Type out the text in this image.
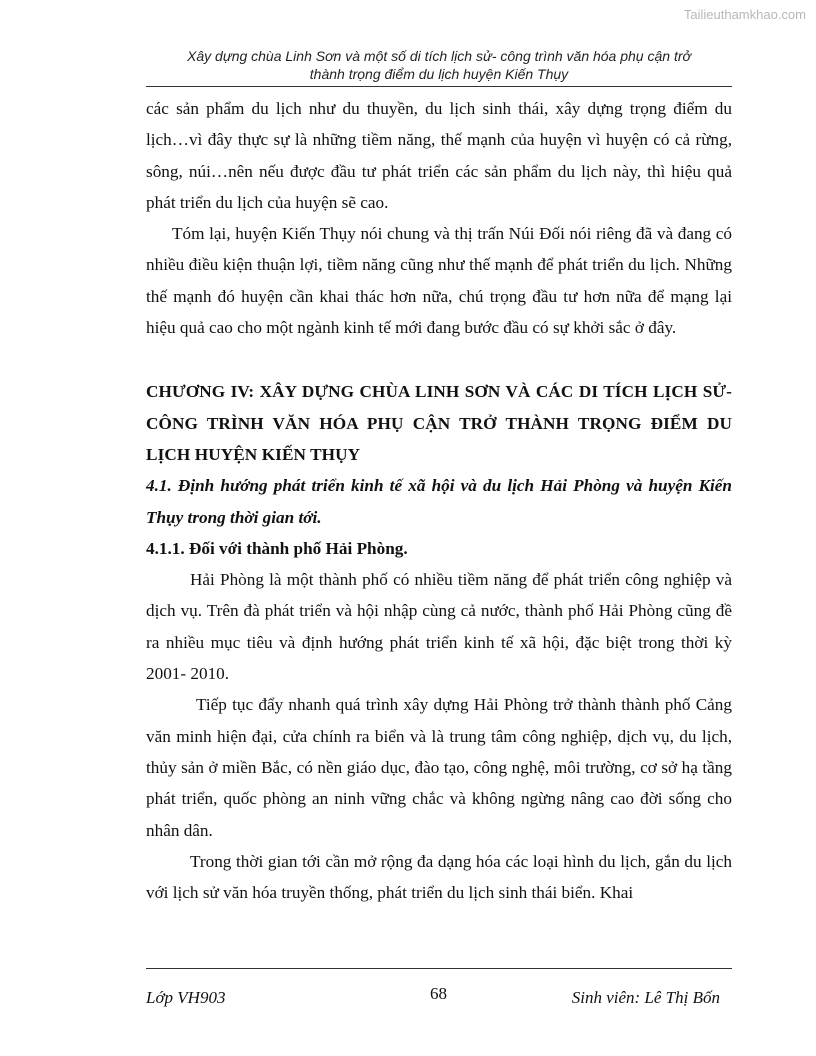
Tailieuthamkhao.com
Xây dựng chùa Linh Sơn và một số di tích lịch sử- công trình văn hóa phụ cận trở
thành trọng điểm du lịch huyện Kiến Thụy

các sản phẩm du lịch như du thuyền, du lịch sinh thái, xây dựng trọng điểm du lịch…vì đây thực sự là những tiềm năng, thế mạnh của huyện vì huyện có cả rừng, sông, núi…nên nếu được đầu tư phát triển các sản phẩm du lịch này, thì hiệu quả phát triển du lịch của huyện sẽ cao.

Tóm lại, huyện Kiến Thụy nói chung và thị trấn Núi Đối nói riêng đã và đang có nhiều điều kiện thuận lợi, tiềm năng cũng như thế mạnh để phát triển du lịch. Những thế mạnh đó huyện cần khai thác hơn nữa, chú trọng đầu tư hơn nữa để mạng lại hiệu quả cao cho một ngành kinh tế mới đang bước đầu có sự khởi sắc ở đây.

CHƯƠNG IV: XÂY DỰNG CHÙA LINH SƠN VÀ CÁC DI TÍCH LỊCH SỬ- CÔNG TRÌNH VĂN HÓA PHỤ CẬN TRỞ THÀNH TRỌNG ĐIỂM DU LỊCH HUYỆN KIẾN THỤY
4.1. Định hướng phát triển kinh tế xã hội và du lịch Hải Phòng và huyện Kiến Thụy trong thời gian tới.
4.1.1. Đối với thành phố Hải Phòng.

Hải Phòng là một thành phố có nhiều tiềm năng để phát triển công nghiệp và dịch vụ. Trên đà phát triển và hội nhập cùng cả nước, thành phố Hải Phòng cũng đề ra nhiều mục tiêu và định hướng phát triển kinh tế xã hội, đặc biệt trong thời kỳ 2001- 2010.

Tiếp tục đẩy nhanh quá trình xây dựng Hải Phòng trở thành thành phố Cảng văn minh hiện đại, cửa chính ra biển và là trung tâm công nghiệp, dịch vụ, du lịch, thủy sản ở miền Bắc, có nền giáo dục, đào tạo, công nghệ, môi trường, cơ sở hạ tầng phát triển, quốc phòng an ninh vững chắc và không ngừng nâng cao đời sống cho nhân dân.

Trong thời gian tới cần mở rộng đa dạng hóa các loại hình du lịch, gắn du lịch với lịch sử văn hóa truyền thống, phát triển du lịch sinh thái biển. Khai

Lớp VH903	68	Sinh viên: Lê Thị Bốn
